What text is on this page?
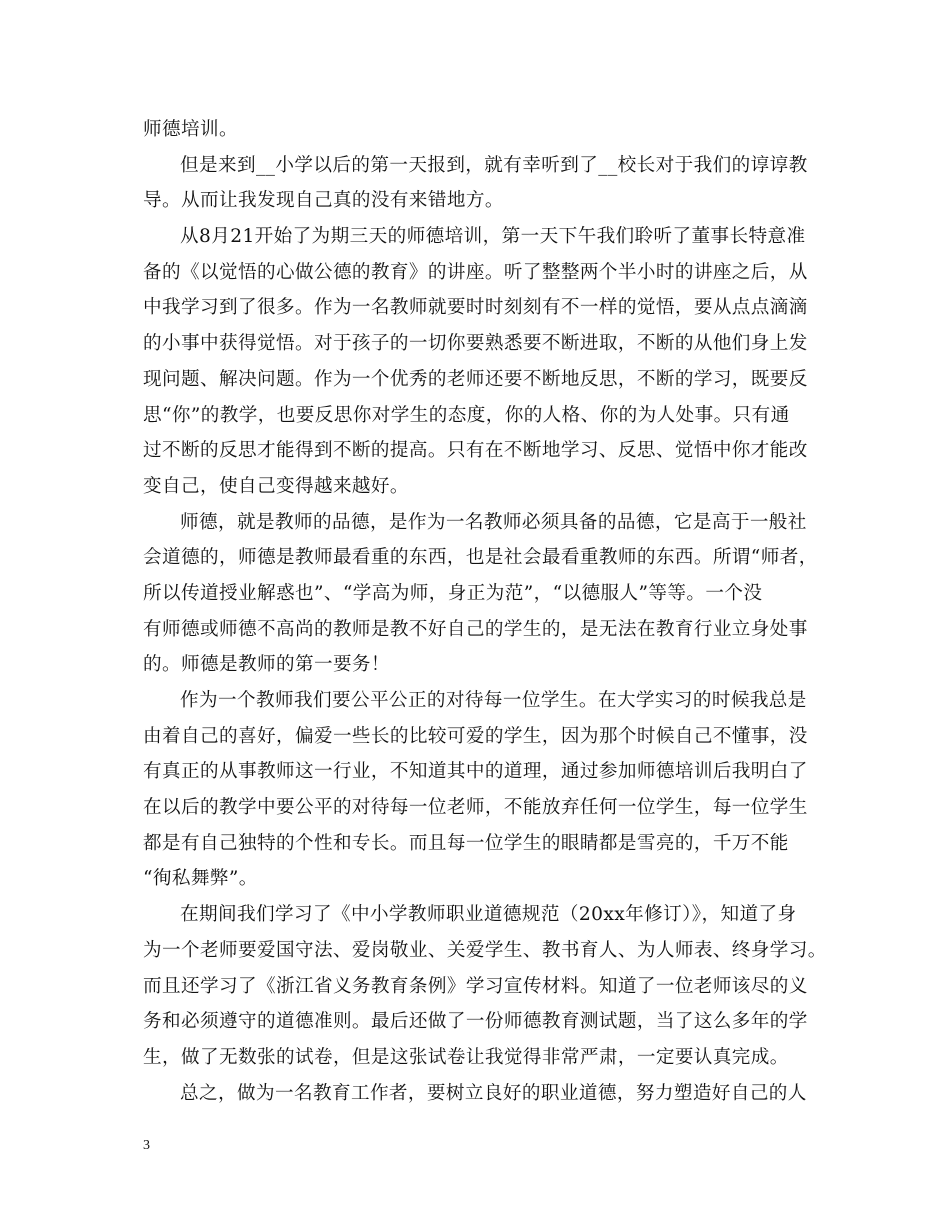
师德培训。
但是来到__小学以后的第一天报到，就有幸听到了__校长对于我们的谆谆教
导。从而让我发现自己真的没有来错地方。
从8月21开始了为期三天的师德培训，第一天下午我们聆听了董事长特意准
备的《以觉悟的心做公德的教育》的讲座。听了整整两个半小时的讲座之后，从
中我学习到了很多。作为一名教师就要时时刻刻有不一样的觉悟，要从点点滴滴
的小事中获得觉悟。对于孩子的一切你要熟悉要不断进取，不断的从他们身上发
现问题、解决问题。作为一个优秀的老师还要不断地反思，不断的学习，既要反
思“你”的教学，也要反思你对学生的态度，你的人格、你的为人处事。只有通
过不断的反思才能得到不断的提高。只有在不断地学习、反思、觉悟中你才能改
变自己，使自己变得越来越好。
师德，就是教师的品德，是作为一名教师必须具备的品德，它是高于一般社
会道德的，师德是教师最看重的东西，也是社会最看重教师的东西。所谓“师者，
所以传道授业解惑也”、“学高为师，身正为范”，“以德服人”等等。一个没
有师德或师德不高尚的教师是教不好自己的学生的，是无法在教育行业立身处事
的。师德是教师的第一要务！
作为一个教师我们要公平公正的对待每一位学生。在大学实习的时候我总是
由着自己的喜好，偏爱一些长的比较可爱的学生，因为那个时候自己不懂事，没
有真正的从事教师这一行业，不知道其中的道理，通过参加师德培训后我明白了
在以后的教学中要公平的对待每一位老师，不能放弃任何一位学生，每一位学生
都是有自己独特的个性和专长。而且每一位学生的眼睛都是雪亮的，千万不能
“徇私舞弊”。
在期间我们学习了《中小学教师职业道德规范（20xx年修订）》，知道了身
为一个老师要爱国守法、爱岗敬业、关爱学生、教书育人、为人师表、终身学习。
而且还学习了《浙江省义务教育条例》学习宣传材料。知道了一位老师该尽的义
务和必须遵守的道德准则。最后还做了一份师德教育测试题，当了这么多年的学
生，做了无数张的试卷，但是这张试卷让我觉得非常严肃，一定要认真完成。
总之，做为一名教育工作者，要树立良好的职业道德，努力塑造好自己的人
3
